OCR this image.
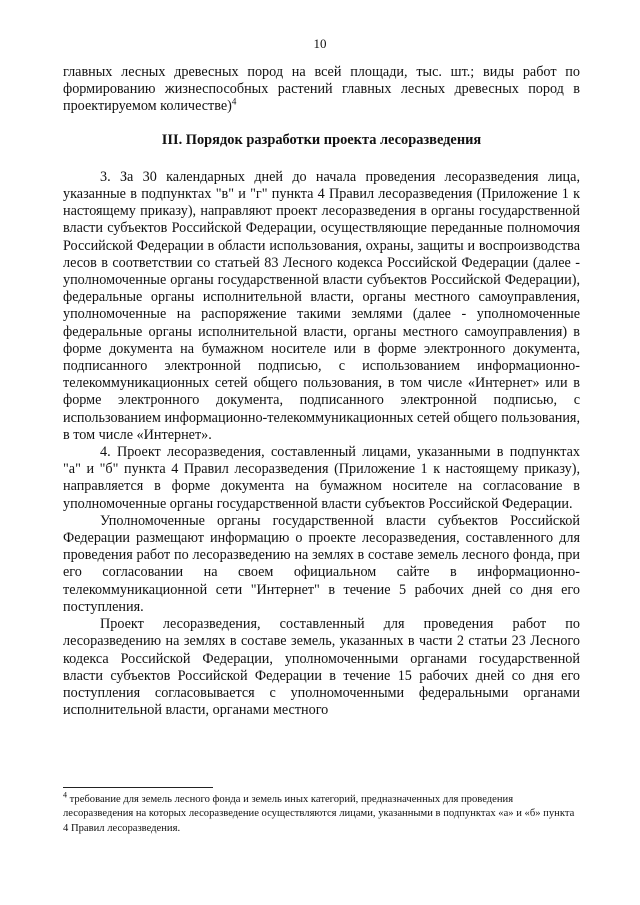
10

главных лесных древесных пород на всей площади, тыс. шт.; виды работ по формированию жизнеспособных растений главных лесных древесных пород в проектируемом количестве)$^4$

III. Порядок разработки проекта лесоразведения

3. За 30 календарных дней до начала проведения лесоразведения лица, указанные в подпунктах "в" и "г" пункта 4 Правил лесоразведения (Приложение 1 к настоящему приказу), направляют проект лесоразведения в органы государственной власти субъектов Российской Федерации, осуществляющие переданные полномочия Российской Федерации в области использования, охраны, защиты и воспроизводства лесов в соответствии со статьей 83 Лесного кодекса Российской Федерации (далее - уполномоченные органы государственной власти субъектов Российской Федерации), федеральные органы исполнительной власти, органы местного самоуправления, уполномоченные на распоряжение такими землями (далее - уполномоченные федеральные органы исполнительной власти, органы местного самоуправления) в форме документа на бумажном носителе или в форме электронного документа, подписанного электронной подписью, с использованием информационно-телекоммуникационных сетей общего пользования, в том числе «Интернет» или в форме электронного документа, подписанного электронной подписью, с использованием информационно-телекоммуникационных сетей общего пользования, в том числе «Интернет».

4. Проект лесоразведения, составленный лицами, указанными в подпунктах "а" и "б" пункта 4 Правил лесоразведения (Приложение 1 к настоящему приказу), направляется в форме документа на бумажном носителе на согласование в уполномоченные органы государственной власти субъектов Российской Федерации.

Уполномоченные органы государственной власти субъектов Российской Федерации размещают информацию о проекте лесоразведения, составленного для проведения работ по лесоразведению на землях в составе земель лесного фонда, при его согласовании на своем официальном сайте в информационно-телекоммуникационной сети "Интернет" в течение 5 рабочих дней со дня его поступления.

Проект лесоразведения, составленный для проведения работ по лесоразведению на землях в составе земель, указанных в части 2 статьи 23 Лесного кодекса Российской Федерации, уполномоченными органами государственной власти субъектов Российской Федерации в течение 15 рабочих дней со дня его поступления согласовывается с уполномоченными федеральными органами исполнительной власти, органами местного

$^4$ требование для земель лесного фонда и земель иных категорий, предназначенных для проведения лесоразведения на которых лесоразведение осуществляются лицами, указанными в подпунктах «а» и «б» пункта 4 Правил лесоразведения.
